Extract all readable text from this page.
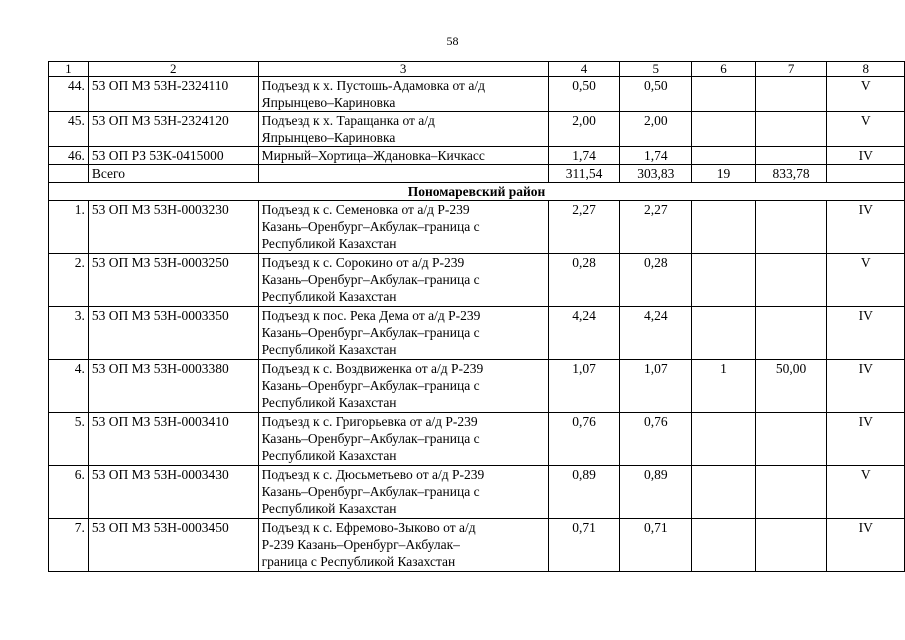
58
1	2	3	4	5	6	7	8
44.	53 ОП МЗ 53Н-2324110	Подъезд к х. Пустошь-Адамовка от а/д
Япрынцево–Кариновка	0,50	0,50			V
45.	53 ОП МЗ 53Н-2324120	Подъезд к х. Таращанка от а/д
Япрынцево–Кариновка	2,00	2,00			V
46.	53 ОП РЗ 53К-0415000	Мирный–Хортица–Ждановка–Кичкасс	1,74	1,74			IV
	Всего		311,54	303,83	19	833,78	
Пономаревский район							
1.	53 ОП МЗ 53Н-0003230	Подъезд к с. Семеновка от а/д Р-239
Казань–Оренбург–Акбулак–граница с
Республикой Казахстан	2,27	2,27			IV
2.	53 ОП МЗ 53Н-0003250	Подъезд к с. Сорокино от а/д Р-239
Казань–Оренбург–Акбулак–граница с
Республикой Казахстан	0,28	0,28			V
3.	53 ОП МЗ 53Н-0003350	Подъезд к пос. Река Дема от а/д Р-239
Казань–Оренбург–Акбулак–граница с
Республикой Казахстан	4,24	4,24			IV
4.	53 ОП МЗ 53Н-0003380	Подъезд к с. Воздвиженка от а/д Р-239
Казань–Оренбург–Акбулак–граница с
Республикой Казахстан	1,07	1,07	1	50,00	IV
5.	53 ОП МЗ 53Н-0003410	Подъезд к с. Григорьевка от а/д Р-239
Казань–Оренбург–Акбулак–граница с
Республикой Казахстан	0,76	0,76			IV
6.	53 ОП МЗ 53Н-0003430	Подъезд к с. Дюсьметьево от а/д Р-239
Казань–Оренбург–Акбулак–граница с
Республикой Казахстан	0,89	0,89			V
7.	53 ОП МЗ 53Н-0003450	Подъезд к с. Ефремово-Зыково от а/д
Р-239 Казань–Оренбург–Акбулак–
граница с Республикой Казахстан	0,71	0,71			IV
